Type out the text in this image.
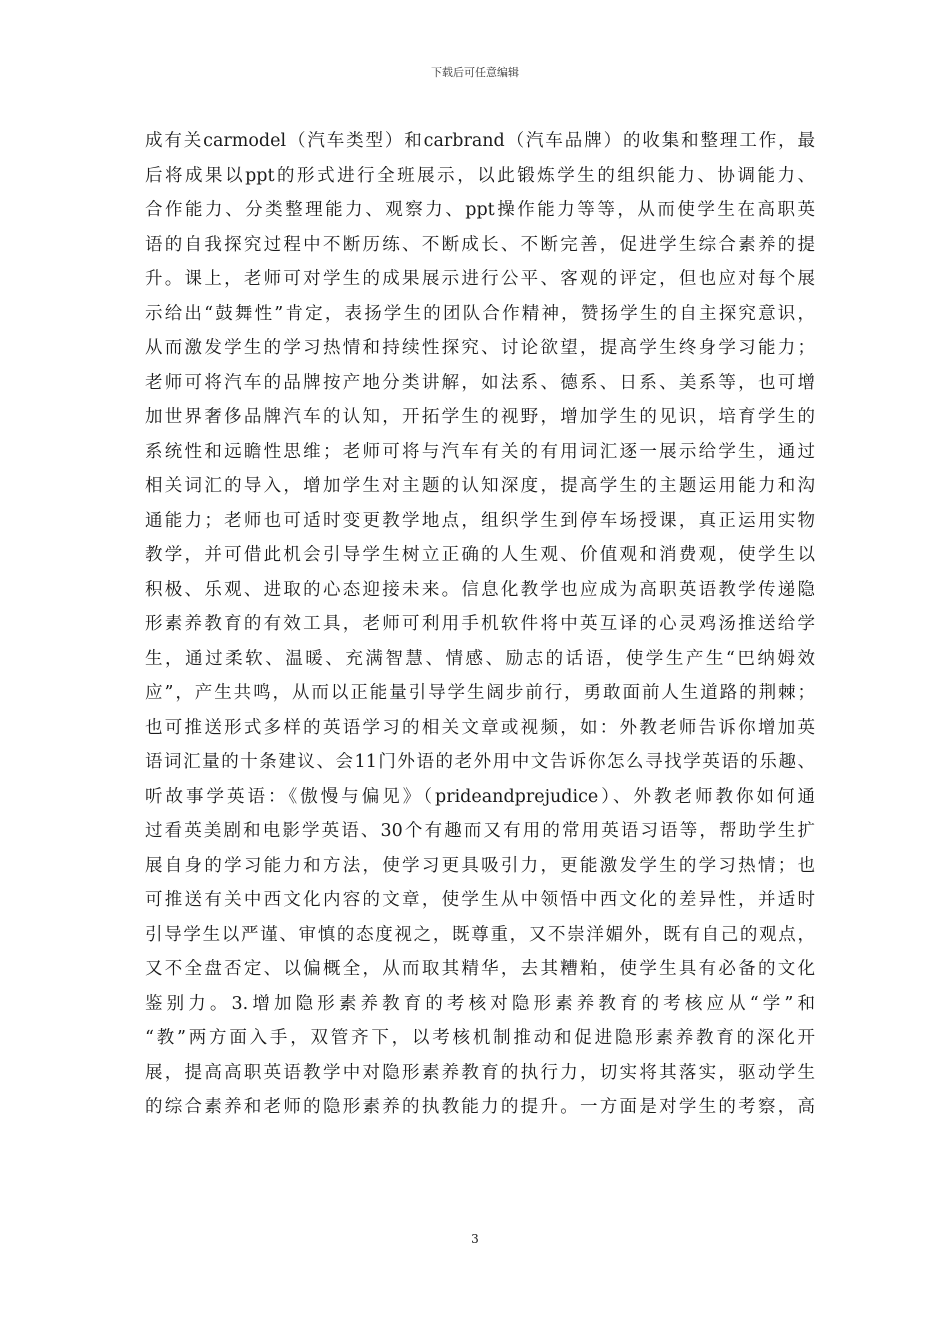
下载后可任意编辑
成有关carmodel（汽车类型）和carbrand（汽车品牌）的收集和整理工作，最
后将成果以ppt的形式进行全班展示，以此锻炼学生的组织能力、协调能力、
合作能力、分类整理能力、观察力、ppt操作能力等等，从而使学生在高职英
语的自我探究过程中不断历练、不断成长、不断完善，促进学生综合素养的提
升。课上，老师可对学生的成果展示进行公平、客观的评定，但也应对每个展
示给出“鼓舞性”肯定，表扬学生的团队合作精神，赞扬学生的自主探究意识，
从而激发学生的学习热情和持续性探究、讨论欲望，提高学生终身学习能力；
老师可将汽车的品牌按产地分类讲解，如法系、德系、日系、美系等，也可增
加世界奢侈品牌汽车的认知，开拓学生的视野，增加学生的见识，培育学生的
系统性和远瞻性思维；老师可将与汽车有关的有用词汇逐一展示给学生，通过
相关词汇的导入，增加学生对主题的认知深度，提高学生的主题运用能力和沟
通能力；老师也可适时变更教学地点，组织学生到停车场授课，真正运用实物
教学，并可借此机会引导学生树立正确的人生观、价值观和消费观，使学生以
积极、乐观、进取的心态迎接未来。信息化教学也应成为高职英语教学传递隐
形素养教育的有效工具，老师可利用手机软件将中英互译的心灵鸡汤推送给学
生，通过柔软、温暖、充满智慧、情感、励志的话语，使学生产生“巴纳姆效
应”，产生共鸣，从而以正能量引导学生阔步前行，勇敢面前人生道路的荆棘；
也可推送形式多样的英语学习的相关文章或视频，如：外教老师告诉你增加英
语词汇量的十条建议、会11门外语的老外用中文告诉你怎么寻找学英语的乐趣、
听故事学英语：《傲慢与偏见》（prideandprejudice）、外教老师教你如何通
过看英美剧和电影学英语、30个有趣而又有用的常用英语习语等，帮助学生扩
展自身的学习能力和方法，使学习更具吸引力，更能激发学生的学习热情；也
可推送有关中西文化内容的文章，使学生从中领悟中西文化的差异性，并适时
引导学生以严谨、审慎的态度视之，既尊重，又不崇洋媚外，既有自己的观点，
又不全盘否定、以偏概全，从而取其精华，去其糟粕，使学生具有必备的文化
鉴别力。3.增加隐形素养教育的考核对隐形素养教育的考核应从“学”和
“教”两方面入手，双管齐下，以考核机制推动和促进隐形素养教育的深化开
展，提高高职英语教学中对隐形素养教育的执行力，切实将其落实，驱动学生
的综合素养和老师的隐形素养的执教能力的提升。一方面是对学生的考察，高
3
